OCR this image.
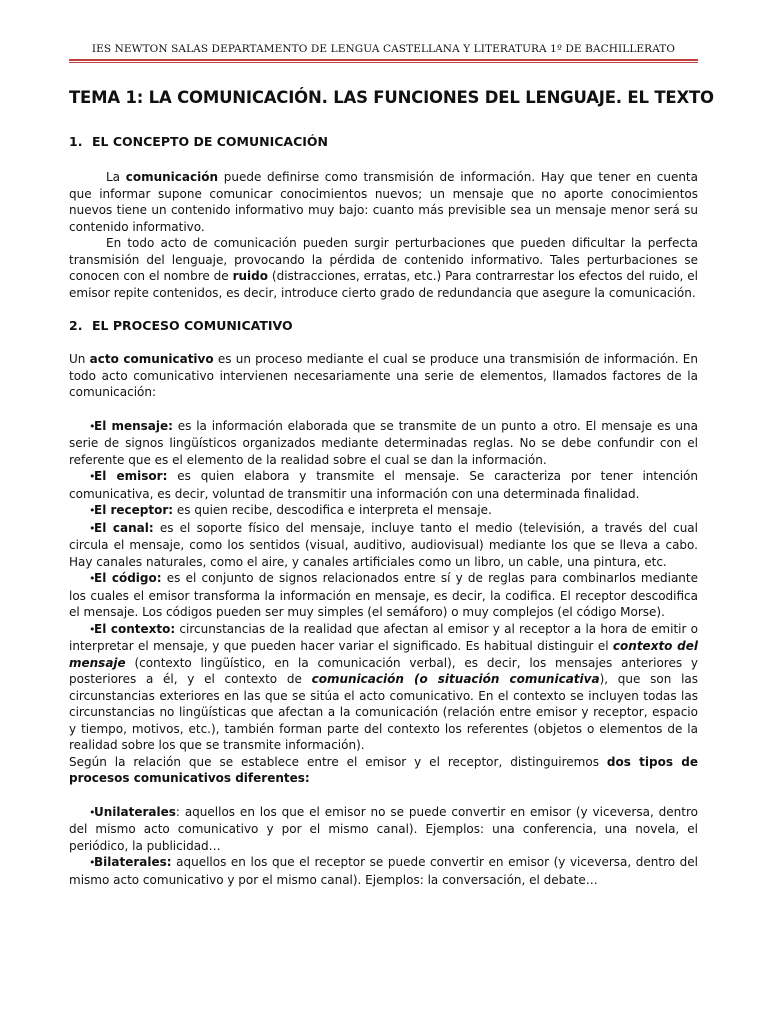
IES NEWTON SALAS DEPARTAMENTO DE LENGUA CASTELLANA Y LITERATURA 1º DE BACHILLERATO
TEMA 1: LA COMUNICACIÓN. LAS FUNCIONES DEL LENGUAJE. EL TEXTO
1. EL CONCEPTO DE COMUNICACIÓN

La comunicación puede definirse como transmisión de información. Hay que tener en cuenta que informar supone comunicar conocimientos nuevos; un mensaje que no aporte conocimientos nuevos tiene un contenido informativo muy bajo: cuanto más previsible sea un mensaje menor será su contenido informativo.

En todo acto de comunicación pueden surgir perturbaciones que pueden dificultar la perfecta transmisión del lenguaje, provocando la pérdida de contenido informativo. Tales perturbaciones se conocen con el nombre de ruido (distracciones, erratas, etc.) Para contrarrestar los efectos del ruido, el emisor repite contenidos, es decir, introduce cierto grado de redundancia que asegure la comunicación.

2. EL PROCESO COMUNICATIVO

Un acto comunicativo es un proceso mediante el cual se produce una transmisión de información. En todo acto comunicativo intervienen necesariamente una serie de elementos, llamados factores de la comunicación:

•El mensaje: es la información elaborada que se transmite de un punto a otro. El mensaje es una serie de signos lingüísticos organizados mediante determinadas reglas. No se debe confundir con el referente que es el elemento de la realidad sobre el cual se dan la información.
•El emisor: es quien elabora y transmite el mensaje. Se caracteriza por tener intención comunicativa, es decir, voluntad de transmitir una información con una determinada finalidad.
•El receptor: es quien recibe, descodifica e interpreta el mensaje.
•El canal: es el soporte físico del mensaje, incluye tanto el medio (televisión, a través del cual circula el mensaje, como los sentidos (visual, auditivo, audiovisual) mediante los que se lleva a cabo. Hay canales naturales, como el aire, y canales artificiales como un libro, un cable, una pintura, etc.
•El código: es el conjunto de signos relacionados entre sí y de reglas para combinarlos mediante los cuales el emisor transforma la información en mensaje, es decir, la codifica. El receptor descodifica el mensaje. Los códigos pueden ser muy simples (el semáforo) o muy complejos (el código Morse).
•El contexto: circunstancias de la realidad que afectan al emisor y al receptor a la hora de emitir o interpretar el mensaje, y que pueden hacer variar el significado. Es habitual distinguir el contexto del mensaje (contexto lingüístico, en la comunicación verbal), es decir, los mensajes anteriores y posteriores a él, y el contexto de comunicación (o situación comunicativa), que son las circunstancias exteriores en las que se sitúa el acto comunicativo. En el contexto se incluyen todas las circunstancias no lingüísticas que afectan a la comunicación (relación entre emisor y receptor, espacio y tiempo, motivos, etc.), también forman parte del contexto los referentes (objetos o elementos de la realidad sobre los que se transmite información).

Según la relación que se establece entre el emisor y el receptor, distinguiremos dos tipos de procesos comunicativos diferentes:

•Unilaterales: aquellos en los que el emisor no se puede convertir en emisor (y viceversa, dentro del mismo acto comunicativo y por el mismo canal). Ejemplos: una conferencia, una novela, el periódico, la publicidad…
•Bilaterales: aquellos en los que el receptor se puede convertir en emisor (y viceversa, dentro del mismo acto comunicativo y por el mismo canal). Ejemplos: la conversación, el debate…
